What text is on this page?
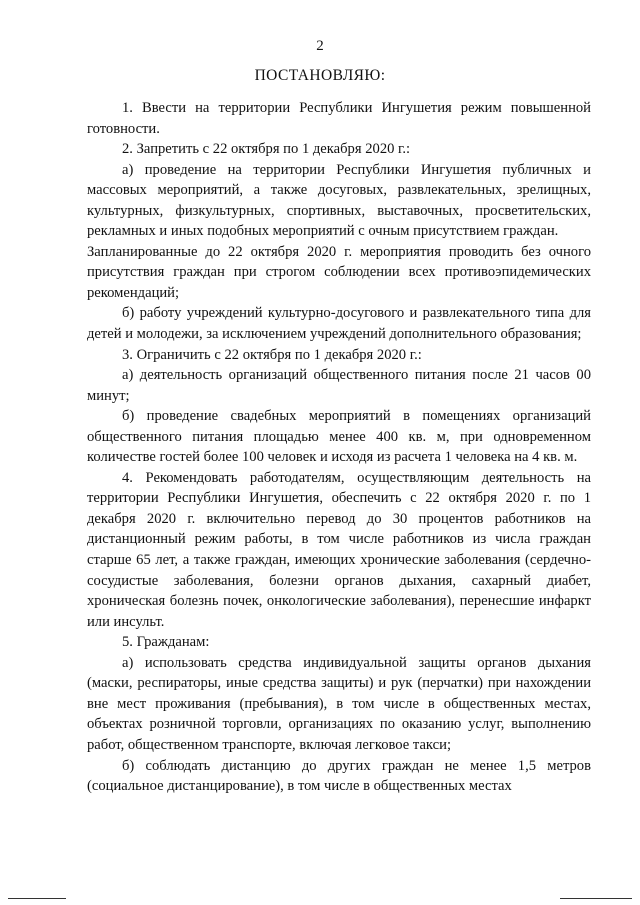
2
ПОСТАНОВЛЯЮ:

1. Ввести на территории Республики Ингушетия режим повышенной готовности.

2. Запретить с 22 октября по 1 декабря 2020 г.:

а) проведение на территории Республики Ингушетия публичных и массовых мероприятий, а также досуговых, развлекательных, зрелищных, культурных, физкультурных, спортивных, выставочных, просветительских, рекламных и иных подобных мероприятий с очным присутствием граждан.

Запланированные до 22 октября 2020 г. мероприятия проводить без очного присутствия граждан при строгом соблюдении всех противоэпидемических рекомендаций;

б) работу учреждений культурно-досугового и развлекательного типа для детей и молодежи, за исключением учреждений дополнительного образования;

3. Ограничить с 22 октября по 1 декабря 2020 г.:

а) деятельность организаций общественного питания после 21 часов 00 минут;

б) проведение свадебных мероприятий в помещениях организаций общественного питания площадью менее 400 кв. м, при одновременном количестве гостей более 100 человек и исходя из расчета 1 человека на 4 кв. м.

4. Рекомендовать работодателям, осуществляющим деятельность на территории Республики Ингушетия, обеспечить с 22 октября 2020 г. по 1 декабря 2020 г. включительно перевод до 30 процентов работников на дистанционный режим работы, в том числе работников из числа граждан старше 65 лет, а также граждан, имеющих хронические заболевания (сердечно-сосудистые заболевания, болезни органов дыхания, сахарный диабет, хроническая болезнь почек, онкологические заболевания), перенесшие инфаркт или инсульт.

5. Гражданам:

а) использовать средства индивидуальной защиты органов дыхания (маски, респираторы, иные средства защиты) и рук (перчатки) при нахождении вне мест проживания (пребывания), в том числе в общественных местах, объектах розничной торговли, организациях по оказанию услуг, выполнению работ, общественном транспорте, включая легковое такси;

б) соблюдать дистанцию до других граждан не менее 1,5 метров (социальное дистанцирование), в том числе в общественных местах
